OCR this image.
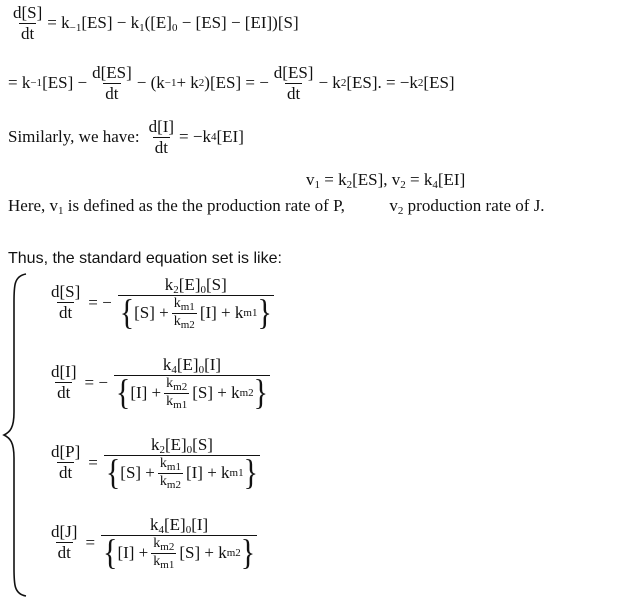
$\frac{d[S]}{dt} = k_{-1}[ES] - k_1([E]_0 - [ES] - [EI])[S]$
= k −1 $[ES] - \frac{d[ES]}{dt} - (k -1 + k$ 2 )[ES] = − $\frac{d[ES]}{dt} - k$ 2 [ES]. = −k 2 [ES]
Similarly, we have: $\frac{d[I]}{dt} = -k$ 4 [EI]
$v_1 = k_2[ES]$, $v_2 = k_4[EI]$
Here, $v_1$ is defined as the the production rate of P,	$v_2$ production rate of J.
Thus, the standard equation set is like:
$\frac{d[S]}{dt}$ = −
$k_2[E]_0[S]$
{ $[S] + \frac{k_{m1}}{k_{m2}} [I] + k$ m1 }
$\frac{d[I]}{dt}$ = −
$k_4[E]_0[I]$
{ $[I] + \frac{k_{m2}}{k_{m1}} [S] + k$ m2 }
$\frac{d[P]}{dt}$ =
$k_2[E]_0[S]$
{ $[S] + \frac{k_{m1}}{k_{m2}} [I] + k$ m1 }
$\frac{d[J]}{dt}$ =
$k_4[E]_0[I]$
{ $[I] + \frac{k_{m2}}{k_{m1}} [S] + k$ m2 }
